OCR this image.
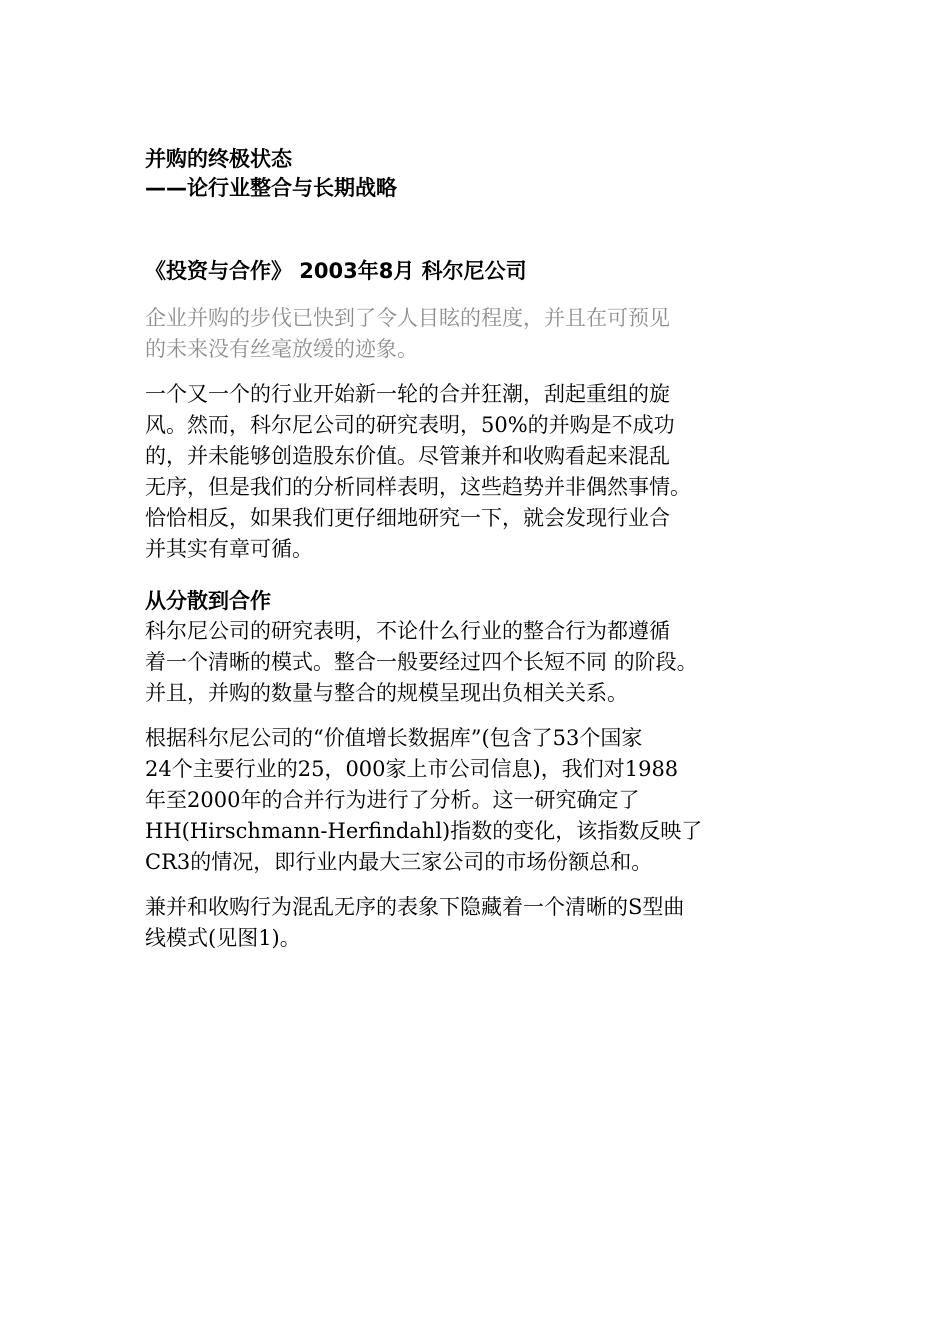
并购的终极状态
——论行业整合与长期战略

《投资与合作》 2003年8月 科尔尼公司

企业并购的步伐已快到了令人目眩的程度，并且在可预见
的未来没有丝毫放缓的迹象。

一个又一个的行业开始新一轮的合并狂潮，刮起重组的旋
风。然而，科尔尼公司的研究表明，50%的并购是不成功
的，并未能够创造股东价值。尽管兼并和收购看起来混乱
无序，但是我们的分析同样表明，这些趋势并非偶然事情。
恰恰相反，如果我们更仔细地研究一下，就会发现行业合
并其实有章可循。

从分散到合作

科尔尼公司的研究表明，不论什么行业的整合行为都遵循
着一个清晰的模式。整合一般要经过四个长短不同 的阶段。
并且，并购的数量与整合的规模呈现出负相关关系。

根据科尔尼公司的“价值增长数据库”(包含了53个国家
24个主要行业的25，000家上市公司信息)，我们对1988
年至2000年的合并行为进行了分析。这一研究确定了
HH(Hirschmann-Herfindahl)指数的变化，该指数反映了
CR3的情况，即行业内最大三家公司的市场份额总和。

兼并和收购行为混乱无序的表象下隐藏着一个清晰的S型曲
线模式(见图1)。
